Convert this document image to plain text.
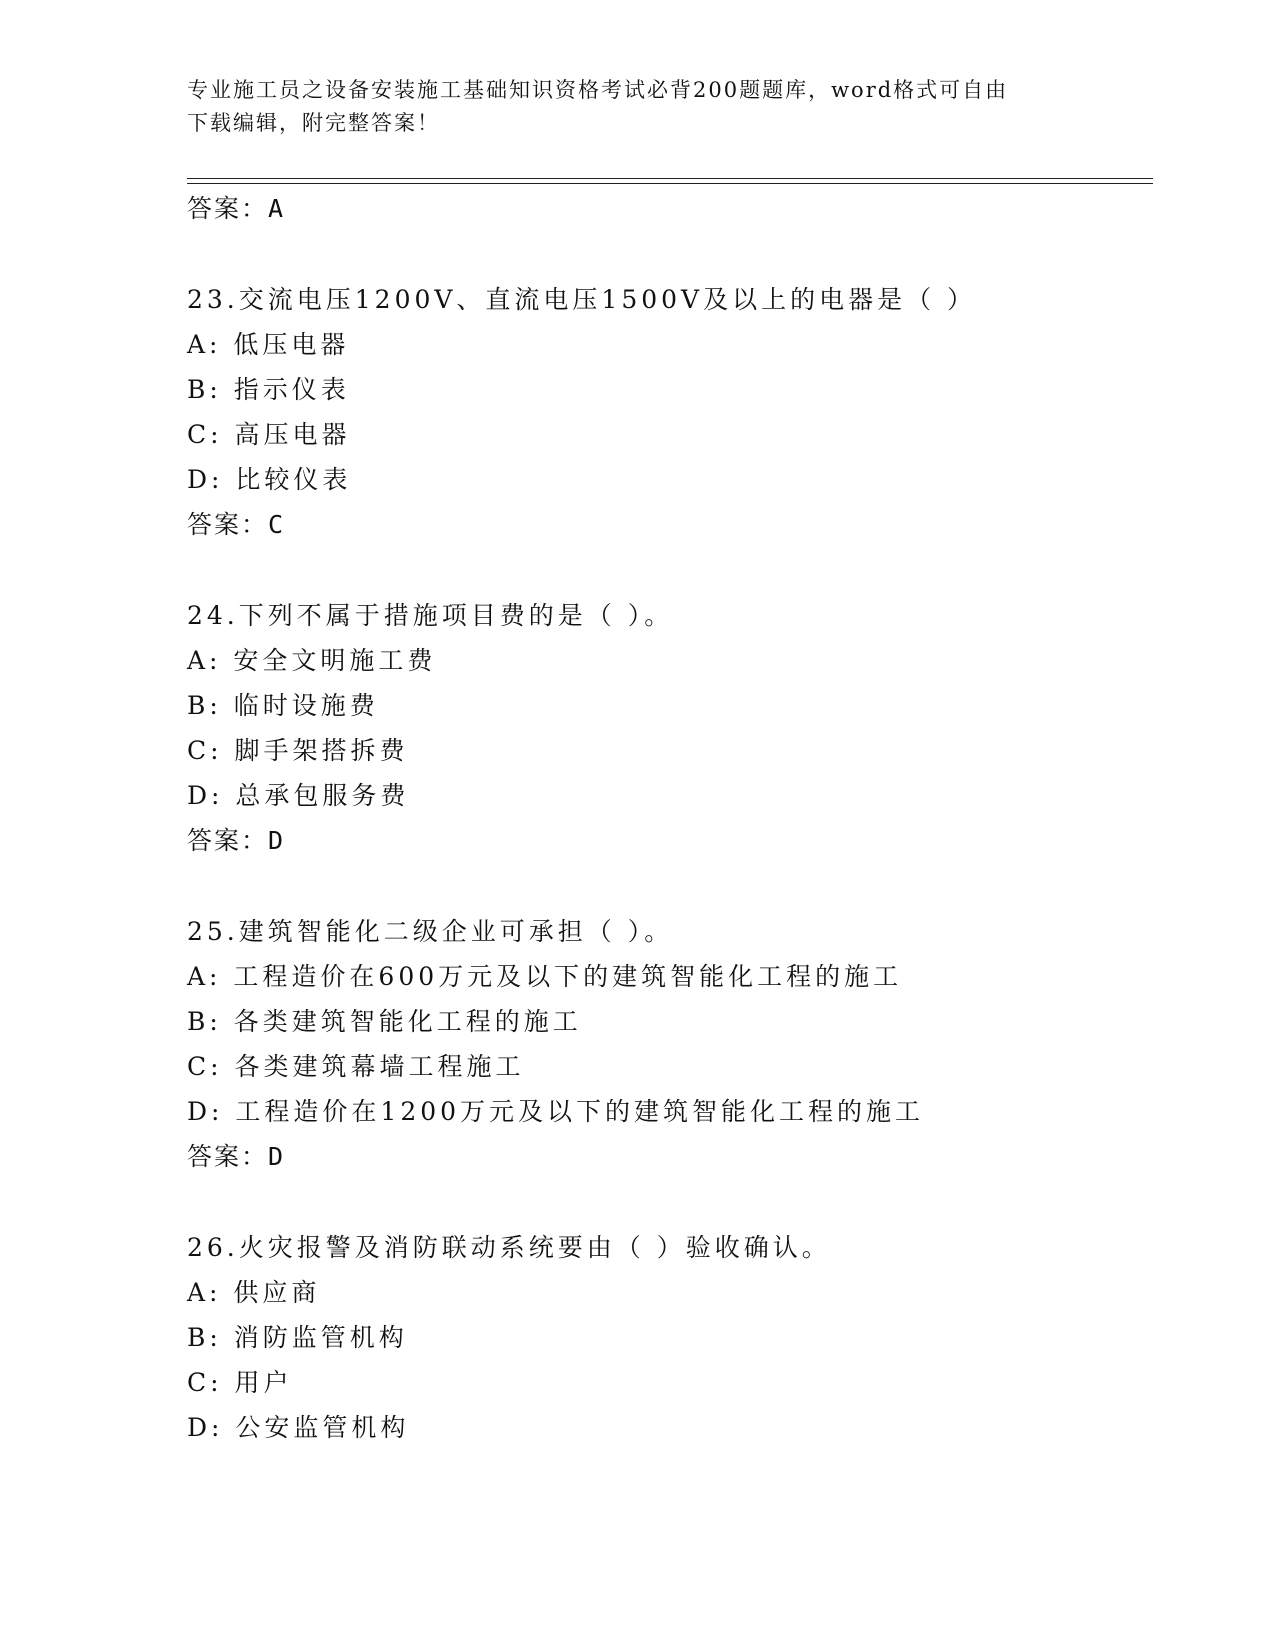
专业施工员之设备安装施工基础知识资格考试必背200题题库，word格式可自由
下载编辑，附完整答案！
答案：A
23.交流电压1200V、直流电压1500V及以上的电器是（ ）
A: 低压电器
B: 指示仪表
C: 高压电器
D: 比较仪表
答案：C
24.下列不属于措施项目费的是（ ）。
A: 安全文明施工费
B: 临时设施费
C: 脚手架搭拆费
D: 总承包服务费
答案：D
25.建筑智能化二级企业可承担（ ）。
A: 工程造价在600万元及以下的建筑智能化工程的施工
B: 各类建筑智能化工程的施工
C: 各类建筑幕墙工程施工
D: 工程造价在1200万元及以下的建筑智能化工程的施工
答案：D
26.火灾报警及消防联动系统要由（ ）验收确认。
A: 供应商
B: 消防监管机构
C: 用户
D: 公安监管机构
